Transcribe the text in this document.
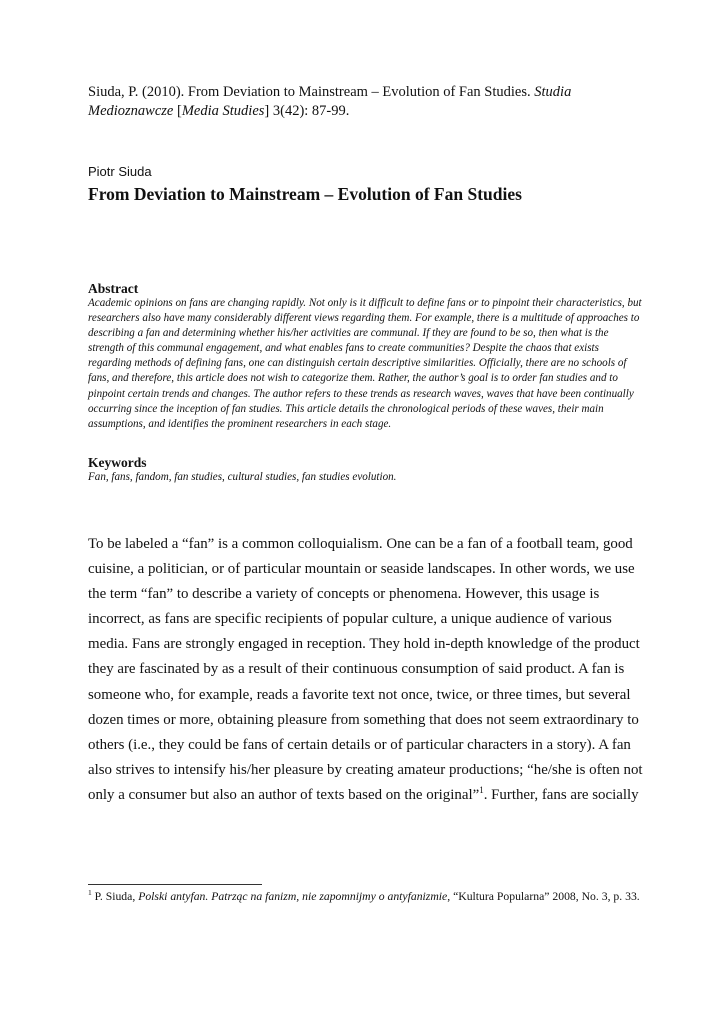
Siuda, P. (2010). From Deviation to Mainstream – Evolution of Fan Studies. Studia Medioznawcze [Media Studies] 3(42): 87-99.
Piotr Siuda
From Deviation to Mainstream – Evolution of Fan Studies
Abstract
Academic opinions on fans are changing rapidly. Not only is it difficult to define fans or to pinpoint their characteristics, but researchers also have many considerably different views regarding them. For example, there is a multitude of approaches to describing a fan and determining whether his/her activities are communal. If they are found to be so, then what is the strength of this communal engagement, and what enables fans to create communities? Despite the chaos that exists regarding methods of defining fans, one can distinguish certain descriptive similarities. Officially, there are no schools of fans, and therefore, this article does not wish to categorize them. Rather, the author’s goal is to order fan studies and to pinpoint certain trends and changes. The author refers to these trends as research waves, waves that have been continually occurring since the inception of fan studies. This article details the chronological periods of these waves, their main assumptions, and identifies the prominent researchers in each stage.
Keywords
Fan, fans, fandom, fan studies, cultural studies, fan studies evolution.
To be labeled a “fan” is a common colloquialism. One can be a fan of a football team, good
cuisine, a politician, or of particular mountain or seaside landscapes. In other words, we use
the term “fan” to describe a variety of concepts or phenomena. However, this usage is
incorrect, as fans are specific recipients of popular culture, a unique audience of various
media. Fans are strongly engaged in reception. They hold in-depth knowledge of the product
they are fascinated by as a result of their continuous consumption of said product. A fan is
someone who, for example, reads a favorite text not once, twice, or three times, but several
dozen times or more, obtaining pleasure from something that does not seem extraordinary to
others (i.e., they could be fans of certain details or of particular characters in a story). A fan
also strives to intensify his/her pleasure by creating amateur productions; “he/she is often not
only a consumer but also an author of texts based on the original”$^1$. Further, fans are socially
$^1$ P. Siuda, Polski antyfan. Patrząc na fanizm, nie zapomnijmy o antyfanizmie, “Kultura Popularna” 2008, No. 3, p. 33.
